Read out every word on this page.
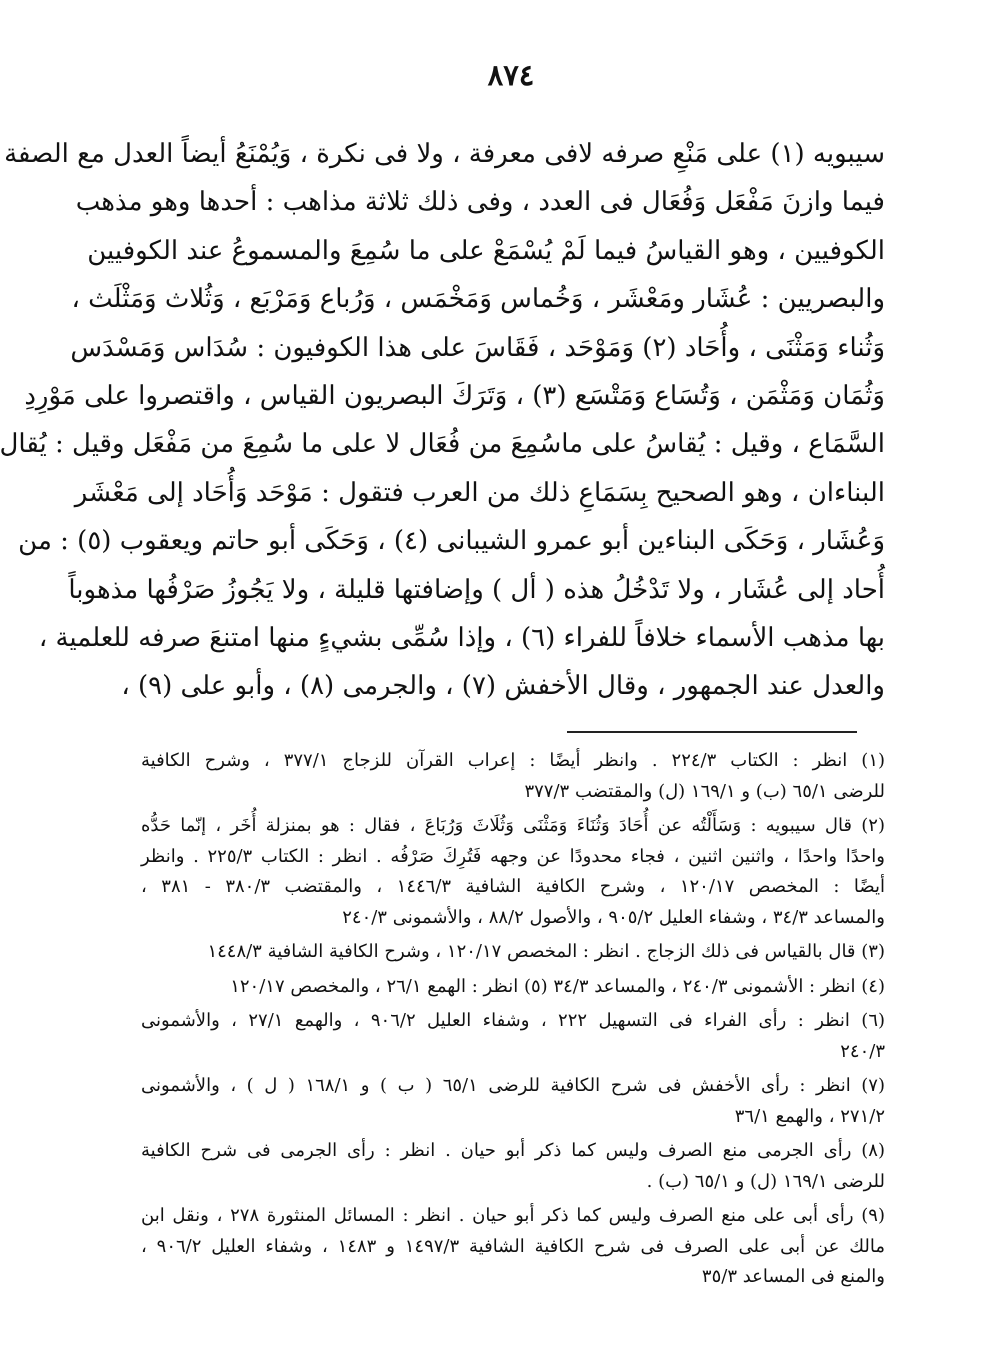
٨٧٤
سيبويه (١) على مَنْعِ صرفه لافى معرفة ، ولا فى نكرة ، وَيُمْنَعُ أيضاً العدل مع الصفة
فيما وازنَ مَفْعَل وَفُعَال فى العدد ، وفى ذلك ثلاثة مذاهب : أحدها وهو مذهب
الكوفيين ، وهو القياسُ فيما لَمْ يُسْمَعْ على ما سُمِعَ والمسموعُ عند الكوفيين
والبصريين : عُشَار ومَعْشَر ، وَخُماس وَمَخْمَس ، وَرُباع وَمَرْبَع ، وَثُلاث وَمَثْلَث ،
وَثُناء وَمَثْنَى ، وأُحَاد (٢) وَمَوْحَد ، فَقَاسَ على هذا الكوفيون : سُدَاس وَمَسْدَس
وَثُمَان وَمَثْمَن ، وَتُسَاع وَمَتْسَع (٣) ، وَتَرَكَ البصريون القياس ، واقتصروا على مَوْرِدِ
السَّمَاع ، وقيل : يُقاسُ على ماسُمِعَ من فُعَال لا على ما سُمِعَ من مَفْعَل وقيل : يُقال
البناءان ، وهو الصحيح بِسَمَاعِ ذلك من العرب فتقول : مَوْحَد وَأُحَاد إلى مَعْشَر
وَعُشَار ، وَحَكَى البناءين أبو عمرو الشيبانى (٤) ، وَحَكَى أبو حاتم ويعقوب (٥) : من
أُحاد إلى عُشَار ، ولا تَدْخُلُ هذه ( أل ) وإضافتها قليلة ، ولا يَجُوزُ صَرْفُها مذهوباً
بها مذهب الأسماء خلافاً للفراء (٦) ، وإذا سُمِّى بشيءٍ منها امتنعَ صرفه للعلمية ،
والعدل عند الجمهور ، وقال الأخفش (٧) ، والجرمى (٨) ، وأبو على (٩) ،
(١) انظر : الكتاب ٢٢٤/٣ . وانظر أيضًا : إعراب القرآن للزجاج ٣٧٧/١ ، وشرح الكافية
للرضى ٦٥/١ (ب) و ١٦٩/١ (ل) والمقتضب ٣٧٧/٣
(٢) قال سيبويه : وَسَأَلْتُه عن أُحَادَ وَثُنَاءَ وَمَثْنَى وَثُلَاثَ وَرُبَاعَ ، فقال : هو بمنزلة أُخَر ، إنّما حَدُّه
واحدًا واحدًا ، واثنين اثنين ، فجاء محدودًا عن وجهه فَتُرِكَ صَرْفُه . انظر : الكتاب ٢٢٥/٣ . وانظر
أيضًا : المخصص ١٢٠/١٧ ، وشرح الكافية الشافية ١٤٤٦/٣ ، والمقتضب ٣٨٠/٣ - ٣٨١ ،
والمساعد ٣٤/٣ ، وشفاء العليل ٩٠٥/٢ ، والأصول ٨٨/٢ ، والأشمونى ٢٤٠/٣
(٣) قال بالقياس فى ذلك الزجاج . انظر : المخصص ١٢٠/١٧ ، وشرح الكافية الشافية ١٤٤٨/٣
(٤) انظر : الأشمونى ٢٤٠/٣ ، والمساعد ٣٤/٣ (٥) انظر : الهمع ٢٦/١ ، والمخصص ١٢٠/١٧
(٦) انظر : رأى الفراء فى التسهيل ٢٢٢ ، وشفاء العليل ٩٠٦/٢ ، والهمع ٢٧/١ ، والأشمونى
٢٤٠/٣
(٧) انظر : رأى الأخفش فى شرح الكافية للرضى ٦٥/١ ( ب ) و ١٦٨/١ ( ل ) ، والأشمونى
٢٧١/٢ ، والهمع ٣٦/١
(٨) رأى الجرمى منع الصرف وليس كما ذكر أبو حيان . انظر : رأى الجرمى فى شرح الكافية
للرضى ١٦٩/١ (ل) و ٦٥/١ (ب) .
(٩) رأى أبى على منع الصرف وليس كما ذكر أبو حيان . انظر : المسائل المنثورة ٢٧٨ ، ونقل ابن
مالك عن أبى على الصرف فى شرح الكافية الشافية ١٤٩٧/٣ و ١٤٨٣ ، وشفاء العليل ٩٠٦/٢ ،
والمنع فى المساعد ٣٥/٣
